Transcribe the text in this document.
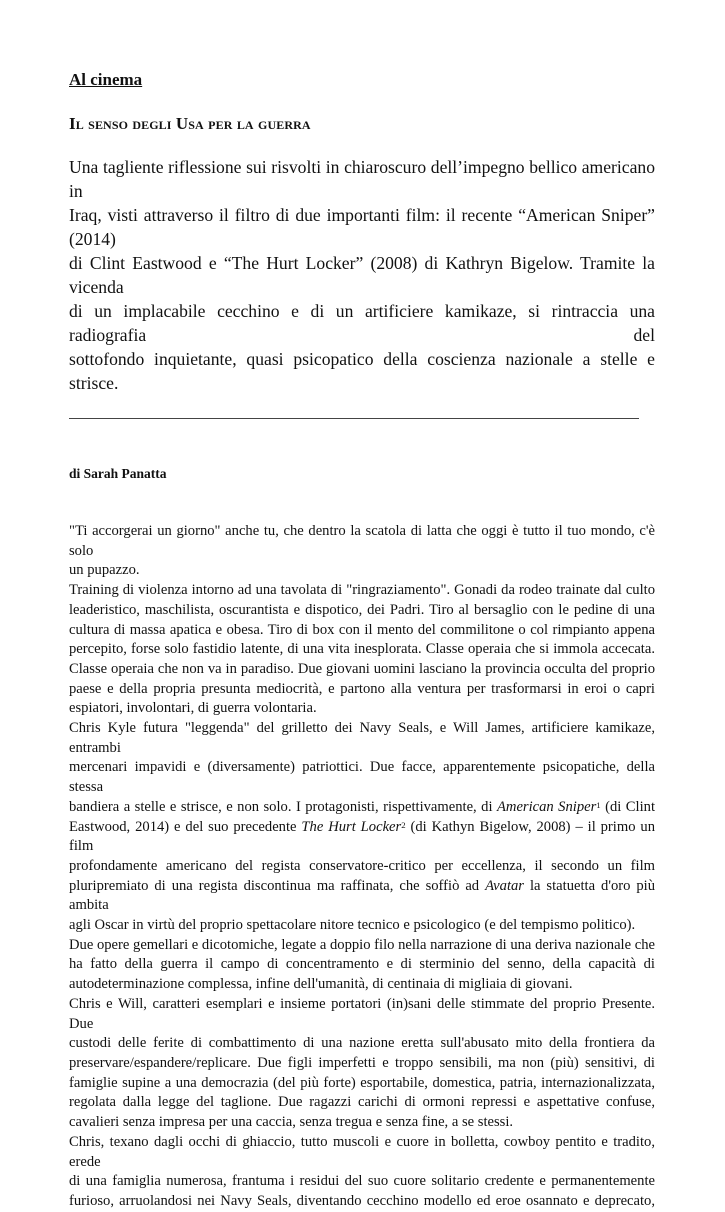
Al cinema
Il senso degli Usa per la guerra
Una tagliente riflessione sui risvolti in chiaroscuro dell’impegno bellico americano in
Iraq, visti attraverso il filtro di due importanti film: il recente “American Sniper” (2014)
di Clint Eastwood e “The Hurt Locker” (2008) di Kathryn Bigelow. Tramite la vicenda
di un implacabile cecchino e di un artificiere kamikaze, si rintraccia una radiografia del
sottofondo inquietante, quasi psicopatico della coscienza nazionale a stelle e strisce.
di Sarah Panatta
"Ti accorgerai un giorno" anche tu, che dentro la scatola di latta che oggi è tutto il tuo mondo, c'è solo
un pupazzo.
Training di violenza intorno ad una tavolata di "ringraziamento". Gonadi da rodeo trainate dal culto
leaderistico, maschilista, oscurantista e dispotico, dei Padri. Tiro al bersaglio con le pedine di una
cultura di massa apatica e obesa. Tiro di box con il mento del commilitone o col rimpianto appena
percepito, forse solo fastidio latente, di una vita inesplorata. Classe operaia che si immola accecata.
Classe operaia che non va in paradiso. Due giovani uomini lasciano la provincia occulta del proprio
paese e della propria presunta mediocrità, e partono alla ventura per trasformarsi in eroi o capri
espiatori, involontari, di guerra volontaria.
Chris Kyle futura "leggenda" del grilletto dei Navy Seals, e Will James, artificiere kamikaze, entrambi
mercenari impavidi e (diversamente) patriottici. Due facce, apparentemente psicopatiche, della stessa
bandiera a stelle e strisce, e non solo. I protagonisti, rispettivamente, di American Sniper$^1$ (di Clint
Eastwood, 2014) e del suo precedente The Hurt Locker$^2$ (di Kathyn Bigelow, 2008) – il primo un film
profondamente americano del regista conservatore-critico per eccellenza, il secondo un film
pluripremiato di una regista discontinua ma raffinata, che soffiò ad Avatar la statuetta d'oro più ambita
agli Oscar in virtù del proprio spettacolare nitore tecnico e psicologico (e del tempismo politico).
Due opere gemellari e dicotomiche, legate a doppio filo nella narrazione di una deriva nazionale che
ha fatto della guerra il campo di concentramento e di sterminio del senno, della capacità di
autodeterminazione complessa, infine dell'umanità, di centinaia di migliaia di giovani.
Chris e Will, caratteri esemplari e insieme portatori (in)sani delle stimmate del proprio Presente. Due
custodi delle ferite di combattimento di una nazione eretta sull'abusato mito della frontiera da
preservare/espandere/replicare. Due figli imperfetti e troppo sensibili, ma non (più) sensitivi, di
famiglie supine a una democrazia (del più forte) esportabile, domestica, patria, internazionalizzata,
regolata dalla legge del taglione. Due ragazzi carichi di ormoni repressi e aspettative confuse,
cavalieri senza impresa per una caccia, senza tregua e senza fine, a se stessi.
Chris, texano dagli occhi di ghiaccio, tutto muscoli e cuore in bolletta, cowboy pentito e tradito, erede
di una famiglia numerosa, frantuma i residui del suo cuore solitario credente e permanentemente
furioso, arruolandosi nei Navy Seals, diventando cecchino modello ed eroe osannato e deprecato,
